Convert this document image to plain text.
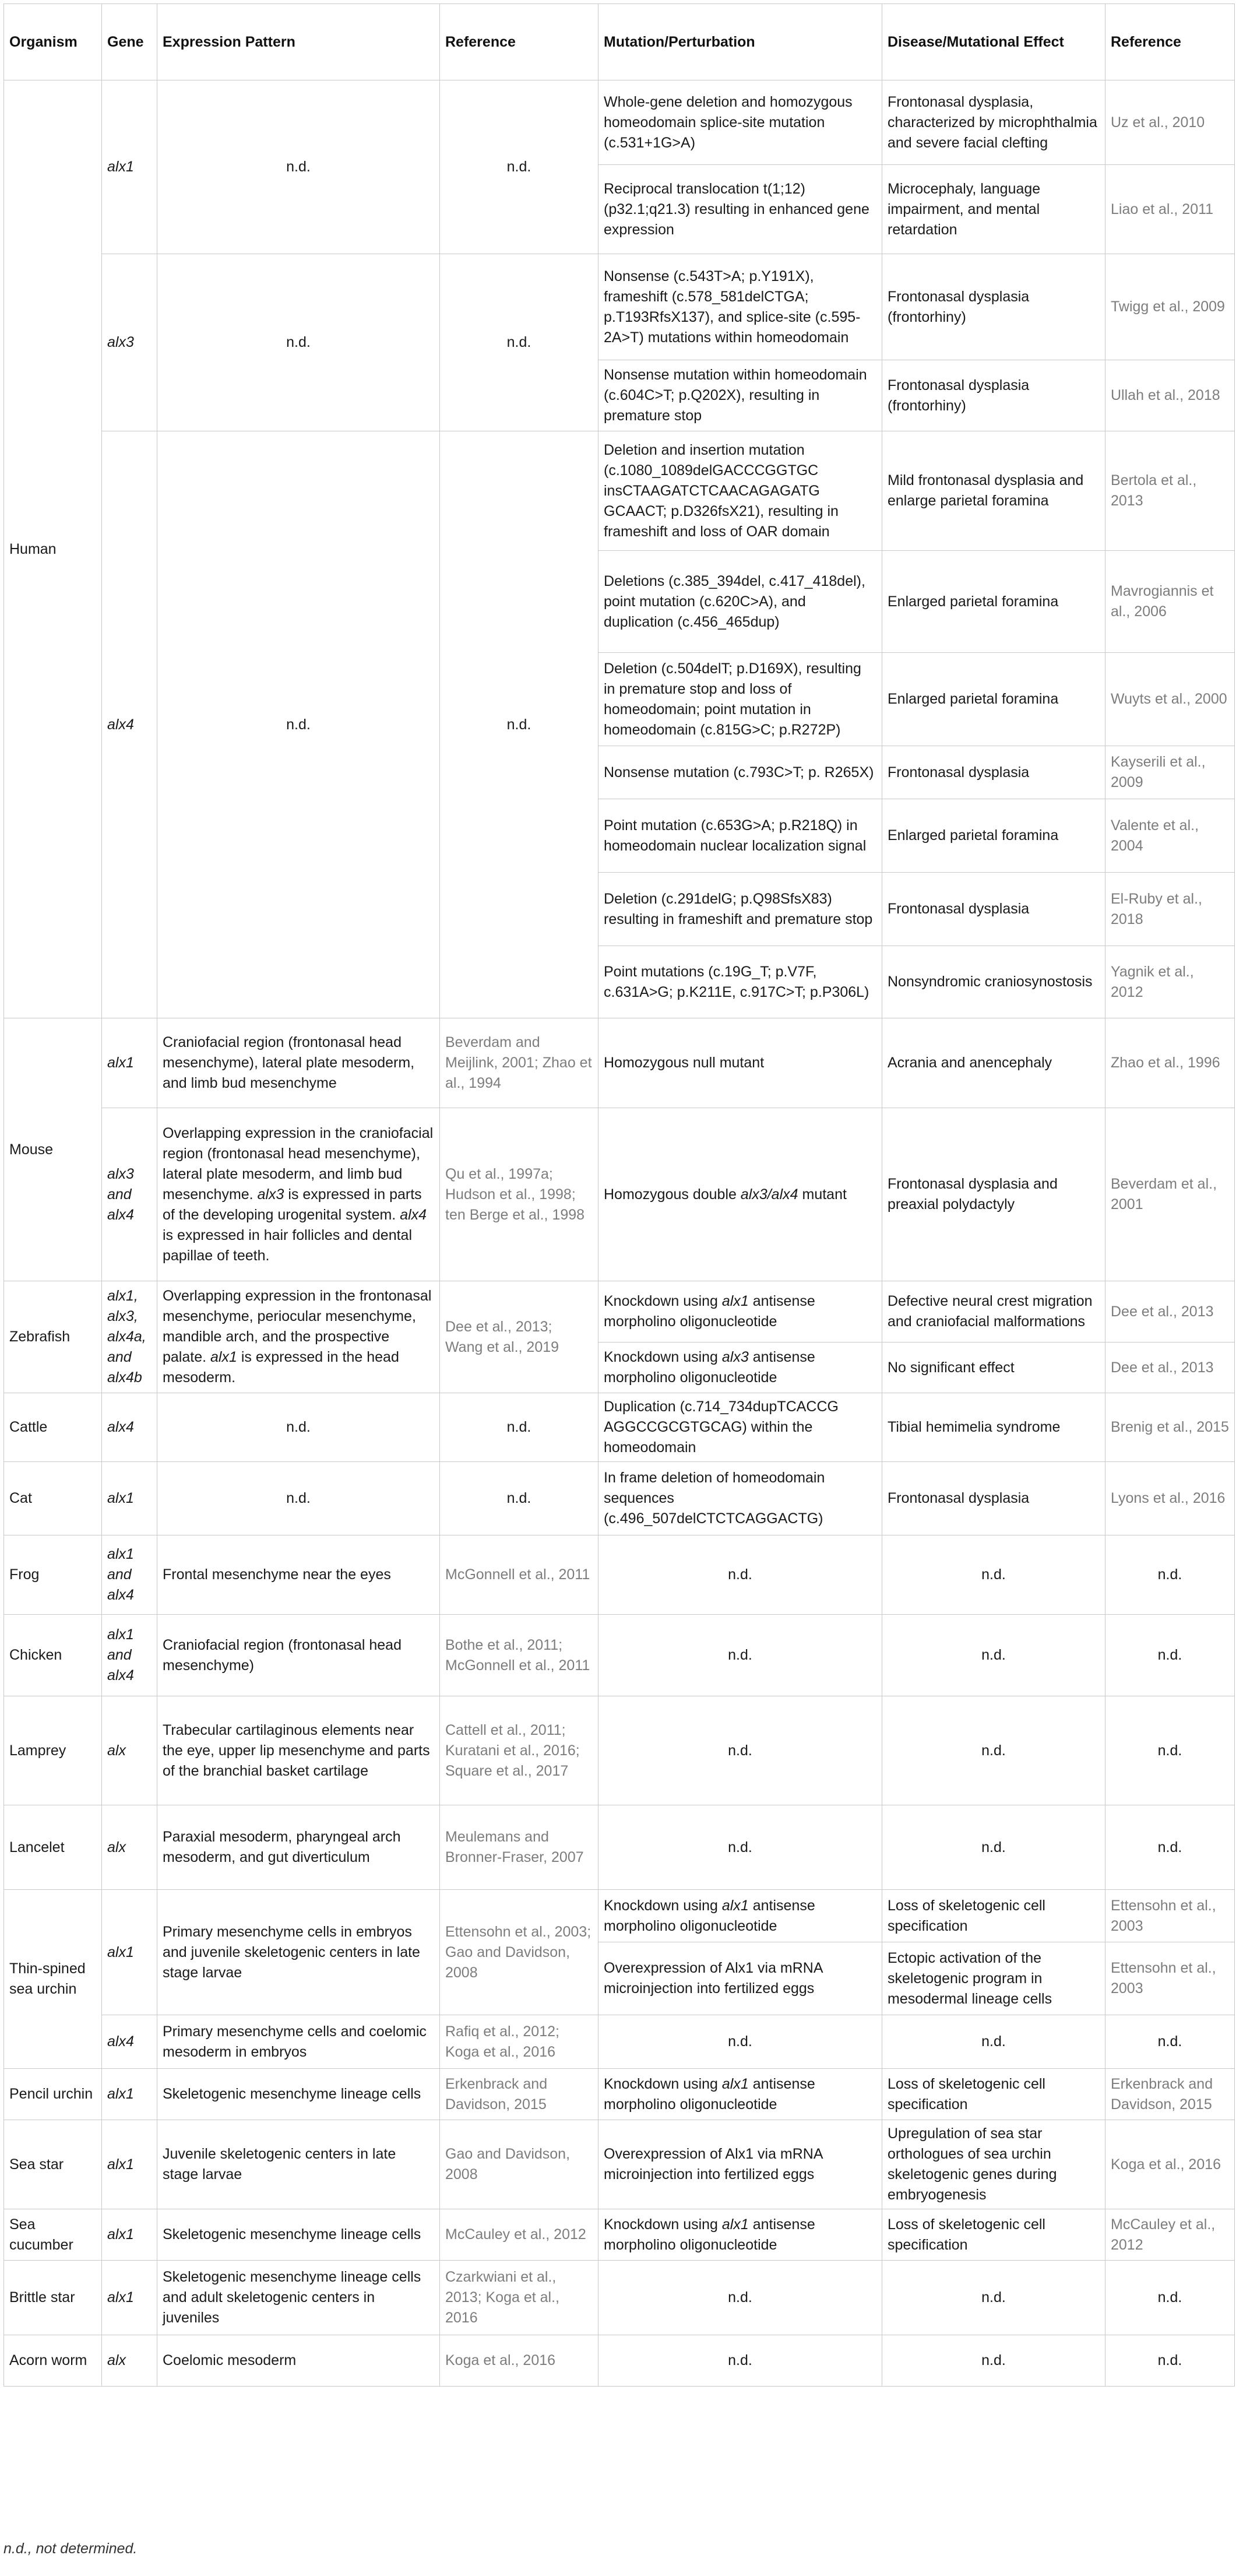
Organism	Gene	Expression Pattern	Reference	Mutation/Perturbation	Disease/Mutational Effect	Reference
Human	alx1	n.d.	n.d.	Whole-gene deletion and homozygous homeodomain splice-site mutation (c.531+1G>A)	Frontonasal dysplasia, characterized by microphthalmia and severe facial clefting	Uz et al., 2010
				Reciprocal translocation t(1;12)(p32.1;q21.3) resulting in enhanced gene expression	Microcephaly, language impairment, and mental retardation	Liao et al., 2011
	alx3	n.d.	n.d.	Nonsense (c.543T>A; p.Y191X), frameshift (c.578_581delCTGA; p.T193RfsX137), and splice-site (c.595-2A>T) mutations within homeodomain	Frontonasal dysplasia (frontorhiny)	Twigg et al., 2009
				Nonsense mutation within homeodomain (c.604C>T; p.Q202X), resulting in premature stop	Frontonasal dysplasia (frontorhiny)	Ullah et al., 2018
	alx4	n.d.	n.d.	Deletion and insertion mutation (c.1080_1089delGACCCGGTGC insCTAAGATCTCAACAGAGATG GCAACT; p.D326fsX21), resulting in frameshift and loss of OAR domain	Mild frontonasal dysplasia and enlarge parietal foramina	Bertola et al., 2013
				Deletions (c.385_394del, c.417_418del), point mutation (c.620C>A), and duplication (c.456_465dup)	Enlarged parietal foramina	Mavrogiannis et al., 2006
				Deletion (c.504delT; p.D169X), resulting in premature stop and loss of homeodomain; point mutation in homeodomain (c.815G>C; p.R272P)	Enlarged parietal foramina	Wuyts et al., 2000
				Nonsense mutation (c.793C>T; p. R265X)	Frontonasal dysplasia	Kayserili et al., 2009
				Point mutation (c.653G>A; p.R218Q) in homeodomain nuclear localization signal	Enlarged parietal foramina	Valente et al., 2004
				Deletion (c.291delG; p.Q98SfsX83) resulting in frameshift and premature stop	Frontonasal dysplasia	El-Ruby et al., 2018
				Point mutations (c.19G_T; p.V7F, c.631A>G; p.K211E, c.917C>T; p.P306L)	Nonsyndromic craniosynostosis	Yagnik et al., 2012
Mouse	alx1	Craniofacial region (frontonasal head mesenchyme), lateral plate mesoderm, and limb bud mesenchyme	Beverdam and Meijlink, 2001; Zhao et al., 1994	Homozygous null mutant	Acrania and anencephaly	Zhao et al., 1996
	alx3 and alx4	Overlapping expression in the craniofacial region (frontonasal head mesenchyme), lateral plate mesoderm, and limb bud mesenchyme. alx3 is expressed in parts of the developing urogenital system. alx4 is expressed in hair follicles and dental papillae of teeth.	Qu et al., 1997a; Hudson et al., 1998; ten Berge et al., 1998	Homozygous double alx3/alx4 mutant	Frontonasal dysplasia and preaxial polydactyly	Beverdam et al., 2001
Zebrafish	alx1, alx3, alx4a, and alx4b	Overlapping expression in the frontonasal mesenchyme, periocular mesenchyme, mandible arch, and the prospective palate. alx1 is expressed in the head mesoderm.	Dee et al., 2013; Wang et al., 2019	Knockdown using alx1 antisense morpholino oligonucleotide	Defective neural crest migration and craniofacial malformations	Dee et al., 2013
				Knockdown using alx3 antisense morpholino oligonucleotide	No significant effect	Dee et al., 2013
Cattle	alx4	n.d.	n.d.	Duplication (c.714_734dupTCACCG AGGCCGCGTGCAG) within the homeodomain	Tibial hemimelia syndrome	Brenig et al., 2015
Cat	alx1	n.d.	n.d.	In frame deletion of homeodomain sequences (c.496_507delCTCTCAGGACTG)	Frontonasal dysplasia	Lyons et al., 2016
Frog	alx1 and alx4	Frontal mesenchyme near the eyes	McGonnell et al., 2011	n.d.	n.d.	n.d.
Chicken	alx1 and alx4	Craniofacial region (frontonasal head mesenchyme)	Bothe et al., 2011; McGonnell et al., 2011	n.d.	n.d.	n.d.
Lamprey	alx	Trabecular cartilaginous elements near the eye, upper lip mesenchyme and parts of the branchial basket cartilage	Cattell et al., 2011; Kuratani et al., 2016; Square et al., 2017	n.d.	n.d.	n.d.
Lancelet	alx	Paraxial mesoderm, pharyngeal arch mesoderm, and gut diverticulum	Meulemans and Bronner-Fraser, 2007	n.d.	n.d.	n.d.
Thin-spined sea urchin	alx1	Primary mesenchyme cells in embryos and juvenile skeletogenic centers in late stage larvae	Ettensohn et al., 2003; Gao and Davidson, 2008	Knockdown using alx1 antisense morpholino oligonucleotide	Loss of skeletogenic cell specification	Ettensohn et al., 2003
				Overexpression of Alx1 via mRNA microinjection into fertilized eggs	Ectopic activation of the skeletogenic program in mesodermal lineage cells	Ettensohn et al., 2003
	alx4	Primary mesenchyme cells and coelomic mesoderm in embryos	Rafiq et al., 2012; Koga et al., 2016	n.d.	n.d.	n.d.
Pencil urchin	alx1	Skeletogenic mesenchyme lineage cells	Erkenbrack and Davidson, 2015	Knockdown using alx1 antisense morpholino oligonucleotide	Loss of skeletogenic cell specification	Erkenbrack and Davidson, 2015
Sea star	alx1	Juvenile skeletogenic centers in late stage larvae	Gao and Davidson, 2008	Overexpression of Alx1 via mRNA microinjection into fertilized eggs	Upregulation of sea star orthologues of sea urchin skeletogenic genes during embryogenesis	Koga et al., 2016
Sea cucumber	alx1	Skeletogenic mesenchyme lineage cells	McCauley et al., 2012	Knockdown using alx1 antisense morpholino oligonucleotide	Loss of skeletogenic cell specification	McCauley et al., 2012
Brittle star	alx1	Skeletogenic mesenchyme lineage cells and adult skeletogenic centers in juveniles	Czarkwiani et al., 2013; Koga et al., 2016	n.d.	n.d.	n.d.
Acorn worm	alx	Coelomic mesoderm	Koga et al., 2016	n.d.	n.d.	n.d.
n.d., not determined.
